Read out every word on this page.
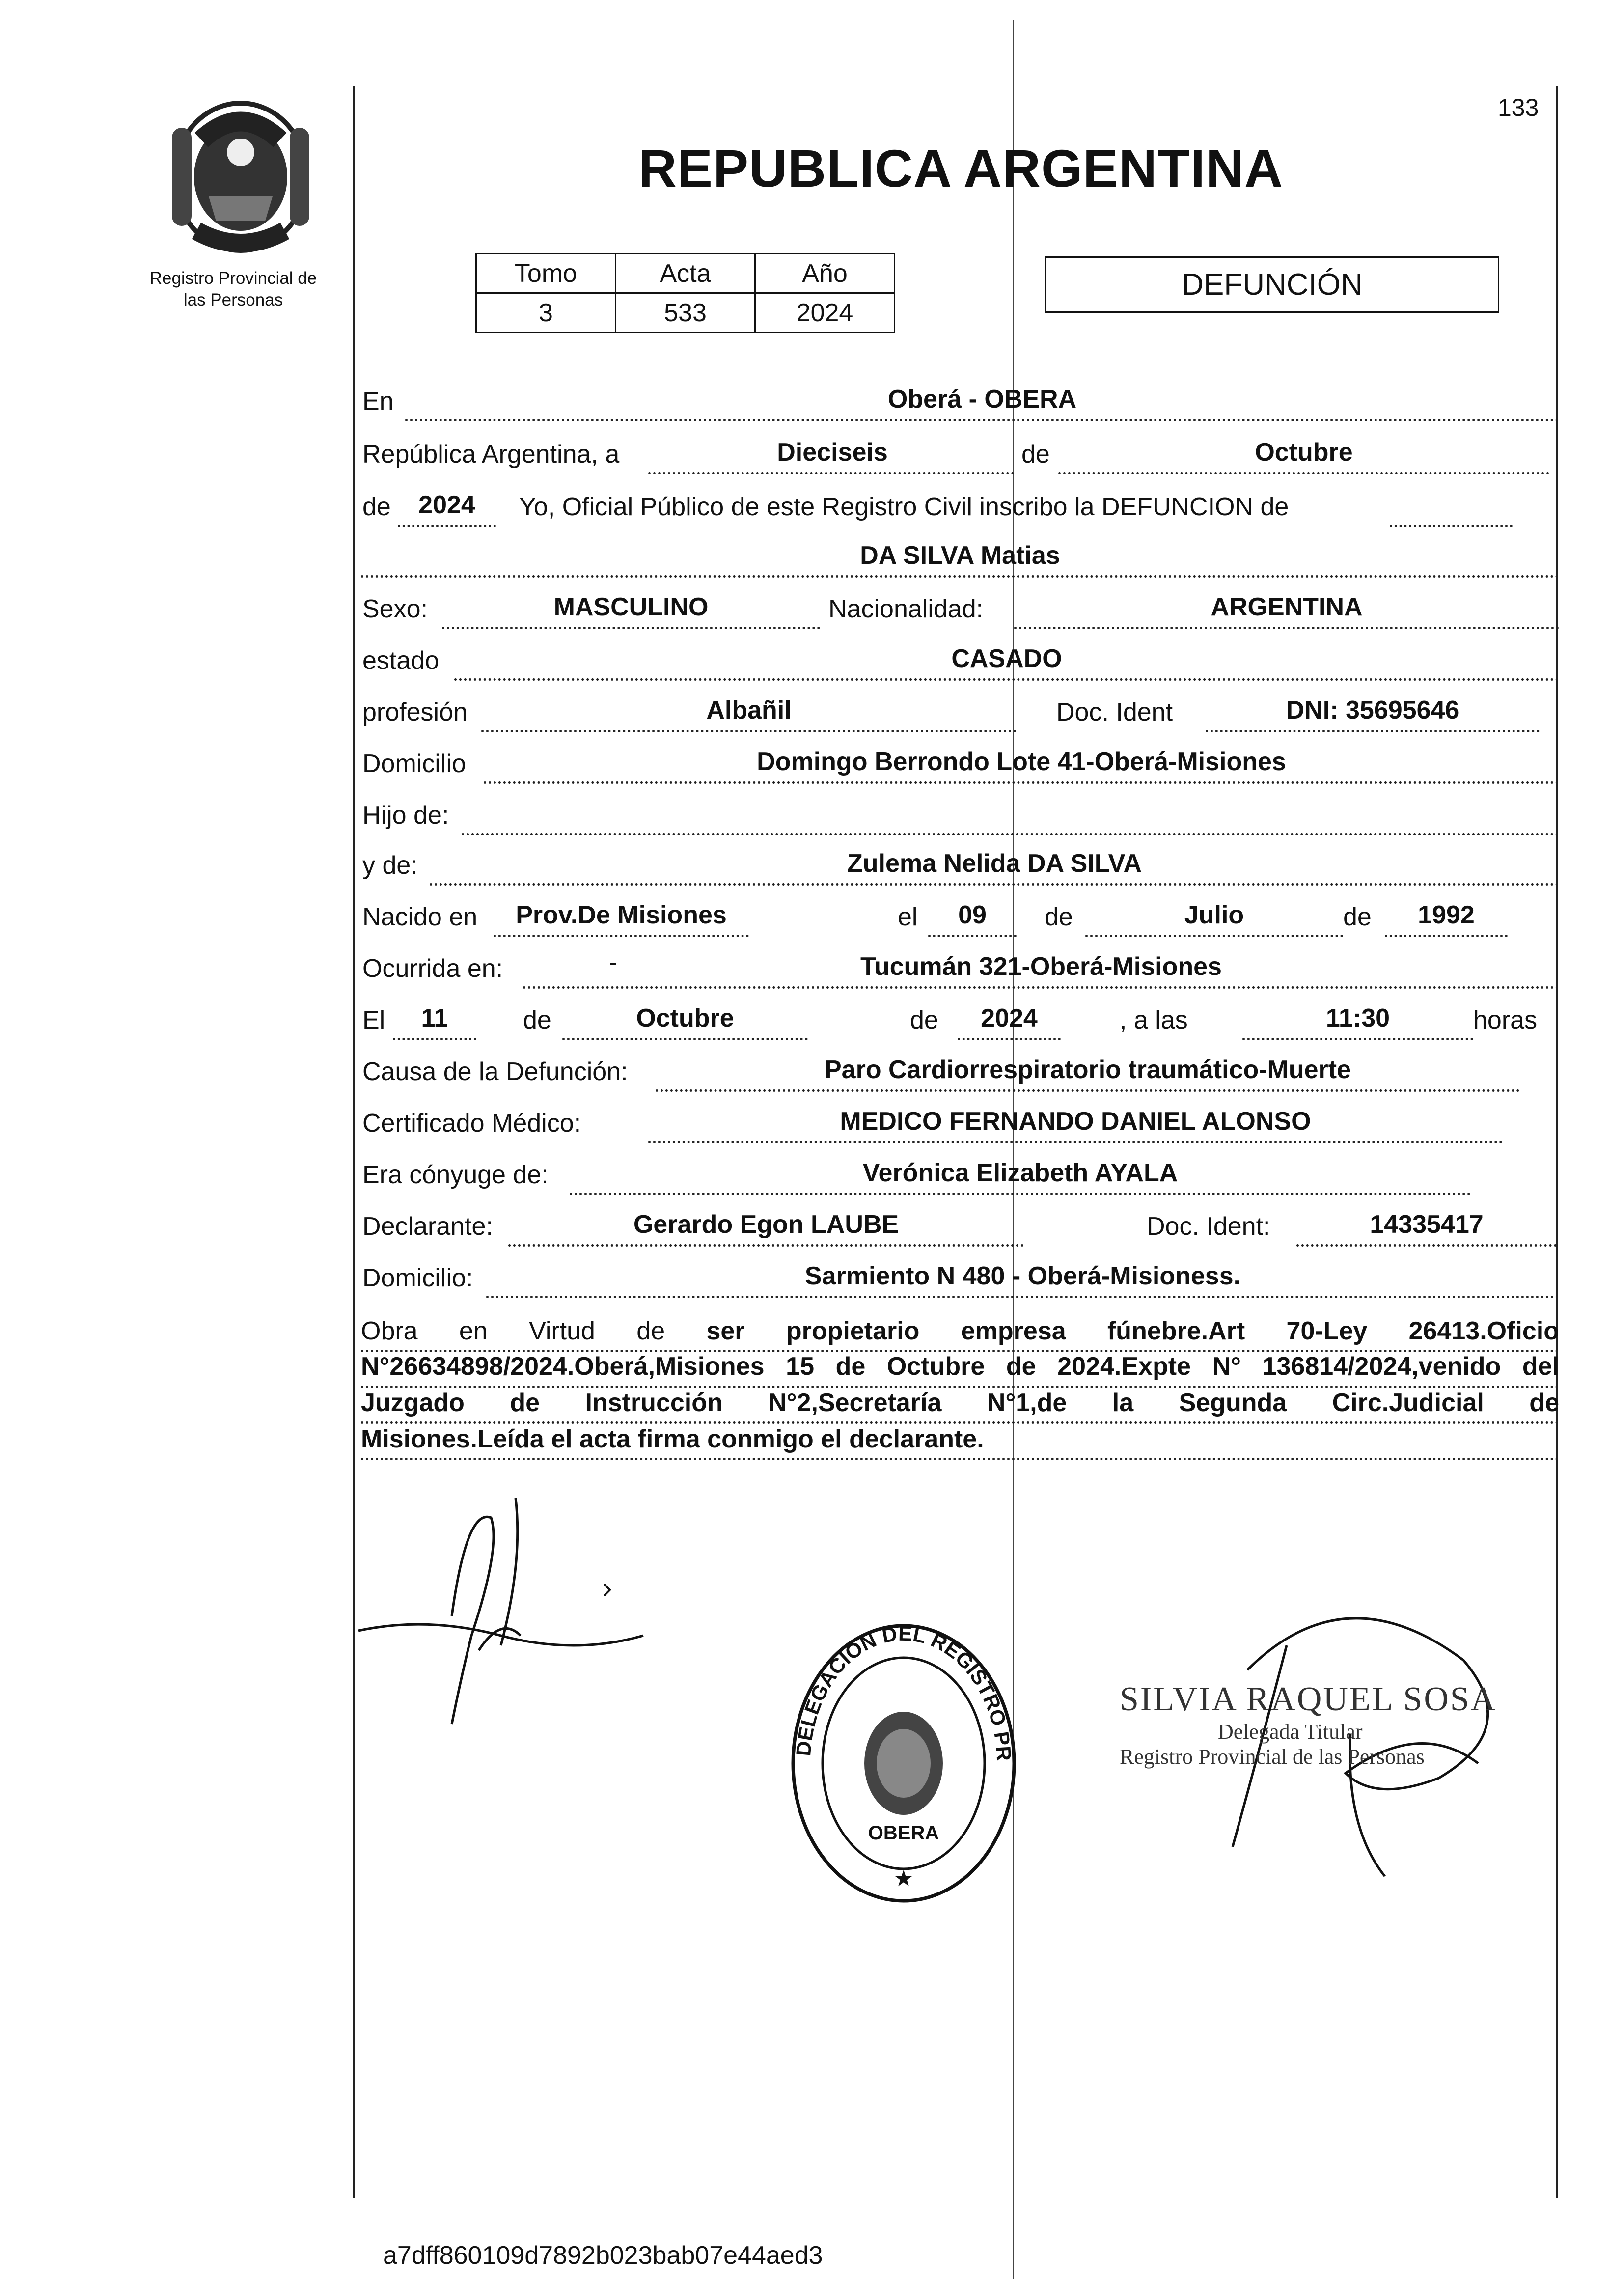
133
REPUBLICA ARGENTINA
Registro Provincial de
las Personas
Tomo	Acta	Año
3	533	2024
DEFUNCIÓN
En	Oberá - OBERA
República Argentina, a	Dieciseis	de	Octubre
de	2024	Yo, Oficial Público de este Registro Civil inscribo la DEFUNCION de
DA SILVA Matias
Sexo:	MASCULINO	Nacionalidad:	ARGENTINA
estado	CASADO
profesión	Albañil	Doc. Ident	DNI: 35695646
Domicilio	Domingo Berrondo Lote 41-Oberá-Misiones
Hijo de:
y de:	Zulema Nelida DA SILVA
Nacido en	Prov.De Misiones	el	09	de	Julio	de	1992
Ocurrida en:	-	Tucumán 321-Oberá-Misiones
El	11	de	Octubre	de	2024	, a las	11:30	horas
Causa de la Defunción:	Paro Cardiorrespiratorio traumático-Muerte
Certificado Médico:	MEDICO FERNANDO DANIEL ALONSO
Era cónyuge de:	Verónica Elizabeth AYALA
Declarante:	Gerardo Egon LAUBE	Doc. Ident:	14335417
Domicilio:	Sarmiento N 480 - Oberá-Misioness.
Obra en Virtud de ser propietario empresa fúnebre.Art 70-Ley 26413.Oficio
N°26634898/2024.Oberá,Misiones 15 de Octubre de 2024.Expte N° 136814/2024,venido del
Juzgado de Instrucción N°2,Secretaría N°1,de la Segunda Circ.Judicial de
Misiones.Leída el acta firma conmigo el declarante.
DELEGACION DEL REGISTRO PR
OBERA
★
SILVIA RAQUEL SOSA
Delegada Titular
Registro Provincial de las Personas
a7dff860109d7892b023bab07e44aed3
